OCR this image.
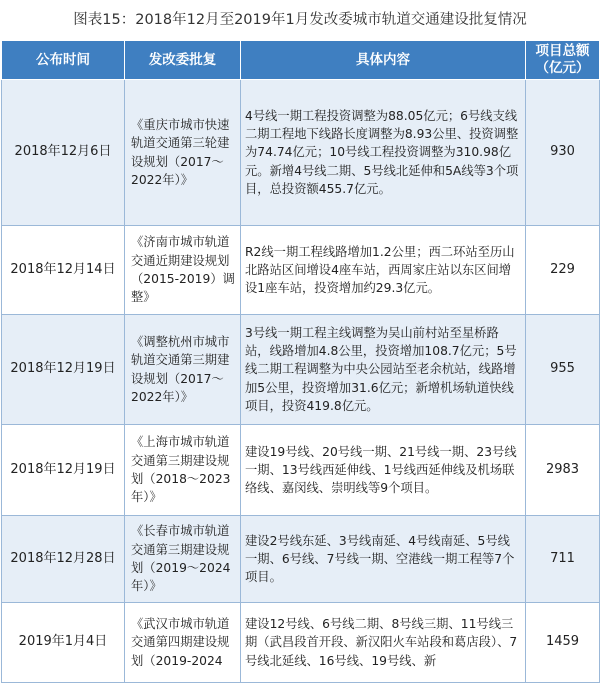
图表15：2018年12月至2019年1月发改委城市轨道交通建设批复情况
公布时间	发改委批复	具体内容	项目总额
（亿元）
2018年12月6日	《重庆市城市快速轨道交通第三轮建设规划（2017～2022年）》	4号线一期工程投资调整为88.05亿元；6号线支线二期工程地下线路长度调整为8.93公里、投资调整为74.74亿元；10号线工程投资调整为310.98亿元。新增4号线二期、5号线北延伸和5A线等3个项目，总投资额455.7亿元。	930
2018年12月14日	《济南市城市轨道交通近期建设规划（2015-2019）调整》	R2线一期工程线路增加1.2公里；西二环站至历山北路站区间增设4座车站，西周家庄站以东区间增设1座车站，投资增加约29.3亿元。	229
2018年12月19日	《调整杭州市城市轨道交通第三期建设规划（2017～2022年）》	3号线一期工程主线调整为吴山前村站至星桥路站，线路增加4.8公里，投资增加108.7亿元；5号线二期工程调整为中央公园站至老余杭站，线路增加5公里，投资增加31.6亿元；新增机场轨道快线项目，投资419.8亿元。	955
2018年12月19日	《上海市城市轨道交通第三期建设规划（2018～2023年）》	建设19号线、20号线一期、21号线一期、23号线一期、13号线西延伸线、1号线西延伸线及机场联络线、嘉闵线、崇明线等9个项目。	2983
2018年12月28日	《长春市城市轨道交通第三期建设规划（2019～2024年）》	建设2号线东延、3号线南延、4号线南延、5号线一期、6号线、7号线一期、空港线一期工程等7个项目。	711
2019年1月4日	《武汉市城市轨道交通第四期建设规划（2019-2024	建设12号线、6号线二期、8号线三期、11号线三期（武昌段首开段、新汉阳火车站段和葛店段）、7号线北延线、16号线、19号线、新	1459
